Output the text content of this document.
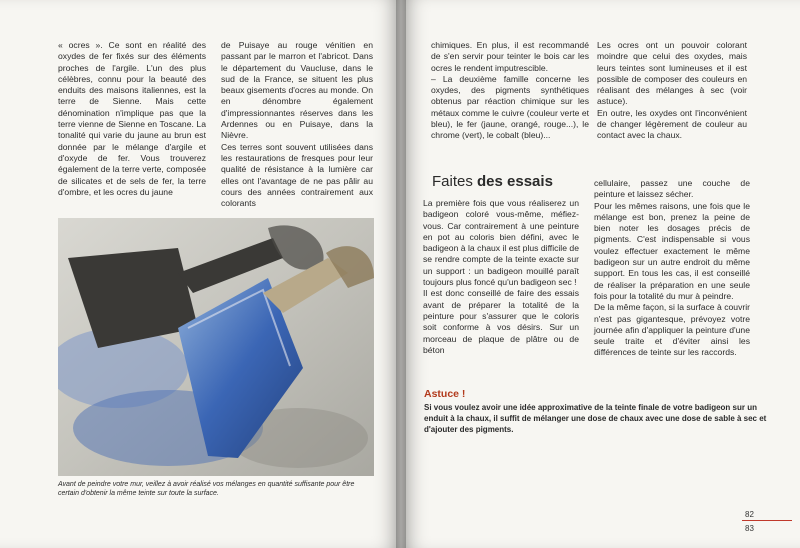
« ocres ». Ce sont en réalité des oxydes de fer fixés sur des éléments proches de l'argile. L'un des plus célèbres, connu pour la beauté des enduits des maisons italiennes, est la terre de Sienne. Mais cette dénomination n'implique pas que la terre vienne de Sienne en Toscane. La tonalité qui varie du jaune au brun est donnée par le mélange d'argile et d'oxyde de fer. Vous trouverez également de la terre verte, composée de silicates et de sels de fer, la terre d'ombre, et les ocres du jaune

de Puisaye au rouge vénitien en passant par le marron et l'abricot. Dans le département du Vaucluse, dans le sud de la France, se situent les plus beaux gisements d'ocres au monde. On en dénombre également d'impressionnantes réserves dans les Ardennes ou en Puisaye, dans la Nièvre.

Ces terres sont souvent utilisées dans les restaurations de fresques pour leur qualité de résistance à la lumière car elles ont l'avantage de ne pas pâlir au cours des années contrairement aux colorants

Avant de peindre votre mur, veillez à avoir réalisé vos mélanges en quantité suffisante pour être certain d'obtenir la même teinte sur toute la surface.

chimiques. En plus, il est recommandé de s'en servir pour teinter le bois car les ocres le rendent imputrescible.

– La deuxième famille concerne les oxydes, des pigments synthétiques obtenus par réaction chimique sur les métaux comme le cuivre (couleur verte et bleu), le fer (jaune, orangé, rouge...), le chrome (vert), le cobalt (bleu)...

Les ocres ont un pouvoir colorant moindre que celui des oxydes, mais leurs teintes sont lumineuses et il est possible de composer des couleurs en réalisant des mélanges à sec (voir astuce).

En outre, les oxydes ont l'inconvénient de changer légèrement de couleur au contact avec la chaux.

La première fois que vous réaliserez un badigeon coloré vous-même, méfiez-vous. Car contrairement à une peinture en pot au coloris bien défini, avec le badigeon à la chaux il est plus difficile de se rendre compte de la teinte exacte sur un support : un badigeon mouillé paraît toujours plus foncé qu'un badigeon sec !

Il est donc conseillé de faire des essais avant de préparer la totalité de la peinture pour s'assurer que le coloris soit conforme à vos désirs. Sur un morceau de plaque de plâtre ou de béton

cellulaire, passez une couche de peinture et laissez sécher.

Pour les mêmes raisons, une fois que le mélange est bon, prenez la peine de bien noter les dosages précis de pigments. C'est indispensable si vous voulez effectuer exactement le même badigeon sur un autre endroit du même support. En tous les cas, il est conseillé de réaliser la préparation en une seule fois pour la totalité du mur à peindre.

De la même façon, si la surface à couvrir n'est pas gigantesque, prévoyez votre journée afin d'appliquer la peinture d'une seule traite et d'éviter ainsi les différences de teinte sur les raccords.

Astuce !

Si vous voulez avoir une idée approximative de la teinte finale de votre badigeon sur un enduit à la chaux, il suffit de mélanger une dose de chaux avec une dose de sable à sec et d'ajouter des pigments.

82
83

Faites des essais
